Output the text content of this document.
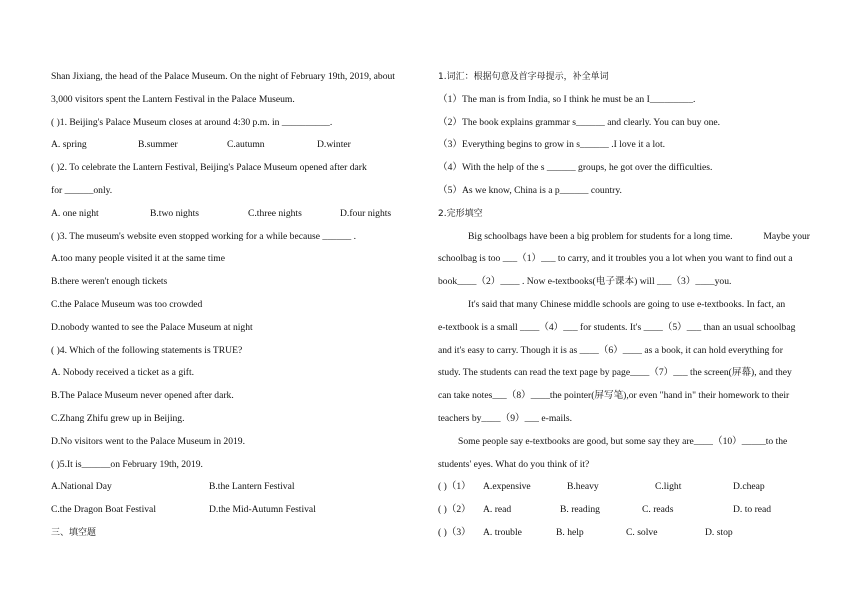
Shan Jixiang, the head of the Palace Museum. On the night of February 19th, 2019, about
3,000 visitors spent the Lantern Festival in the Palace Museum.
( )1. Beijing's Palace Museum closes at around 4:30 p.m. in __________.
A. spring	B.summer	C.autumn	D.winter
( )2. To celebrate the Lantern Festival, Beijing's Palace Museum opened after dark
for ______only.
A. one night	B.two nights	C.three nights	D.four nights
( )3. The museum's website even stopped working for a while because ______ .
A.too many people visited it at the same time
B.there weren't enough tickets
C.the Palace Museum was too crowded
D.nobody wanted to see the Palace Museum at night
( )4. Which of the following statements is TRUE?
A. Nobody received a ticket as a gift.
B.The Palace Museum never opened after dark.
C.Zhang Zhifu grew up in Beijing.
D.No visitors went to the Palace Museum in 2019.
( )5.It is______on February 19th, 2019.
A.National Day	B.the Lantern Festival
C.the Dragon Boat Festival	D.the Mid-Autumn Festival
三、填空题
1.词汇：根据句意及首字母提示，补全单词
（1）The man is from India, so I think he must be an I_________.
（2）The book explains grammar s______ and clearly. You can buy one.
（3）Everything begins to grow in s______ .I love it a lot.
（4）With the help of the s ______ groups, he got over the difficulties.
（5）As we know, China is a p______ country.
2.完形填空
Big schoolbags have been a big problem for students for a long time.	Maybe your
schoolbag is too ___（1）___ to carry, and it troubles you a lot when you want to find out a
book____（2）____ . Now e-textbooks(电子课本) will ___（3）____you.
It's said that many Chinese middle schools are going to use e-textbooks. In fact, an
e-textbook is a small ____（4）___ for students. It's ____（5）___ than an usual schoolbag
and it's easy to carry. Though it is as ____（6）____ as a book, it can hold everything for
study. The students can read the text page by page____（7）___ the screen(屏幕), and they
can take notes___（8）____the pointer(屏写笔),or even "hand in" their homework to their
teachers by____（9）___ e-mails.
Some people say e-textbooks are good, but some say they are____（10）_____to the
students' eyes. What do you think of it?
( )（1）	A.expensive	B.heavy	C.light	D.cheap
( )（2）	A. read	B. reading	C. reads	D. to read
( )（3）	A. trouble	B. help	C. solve	D. stop
